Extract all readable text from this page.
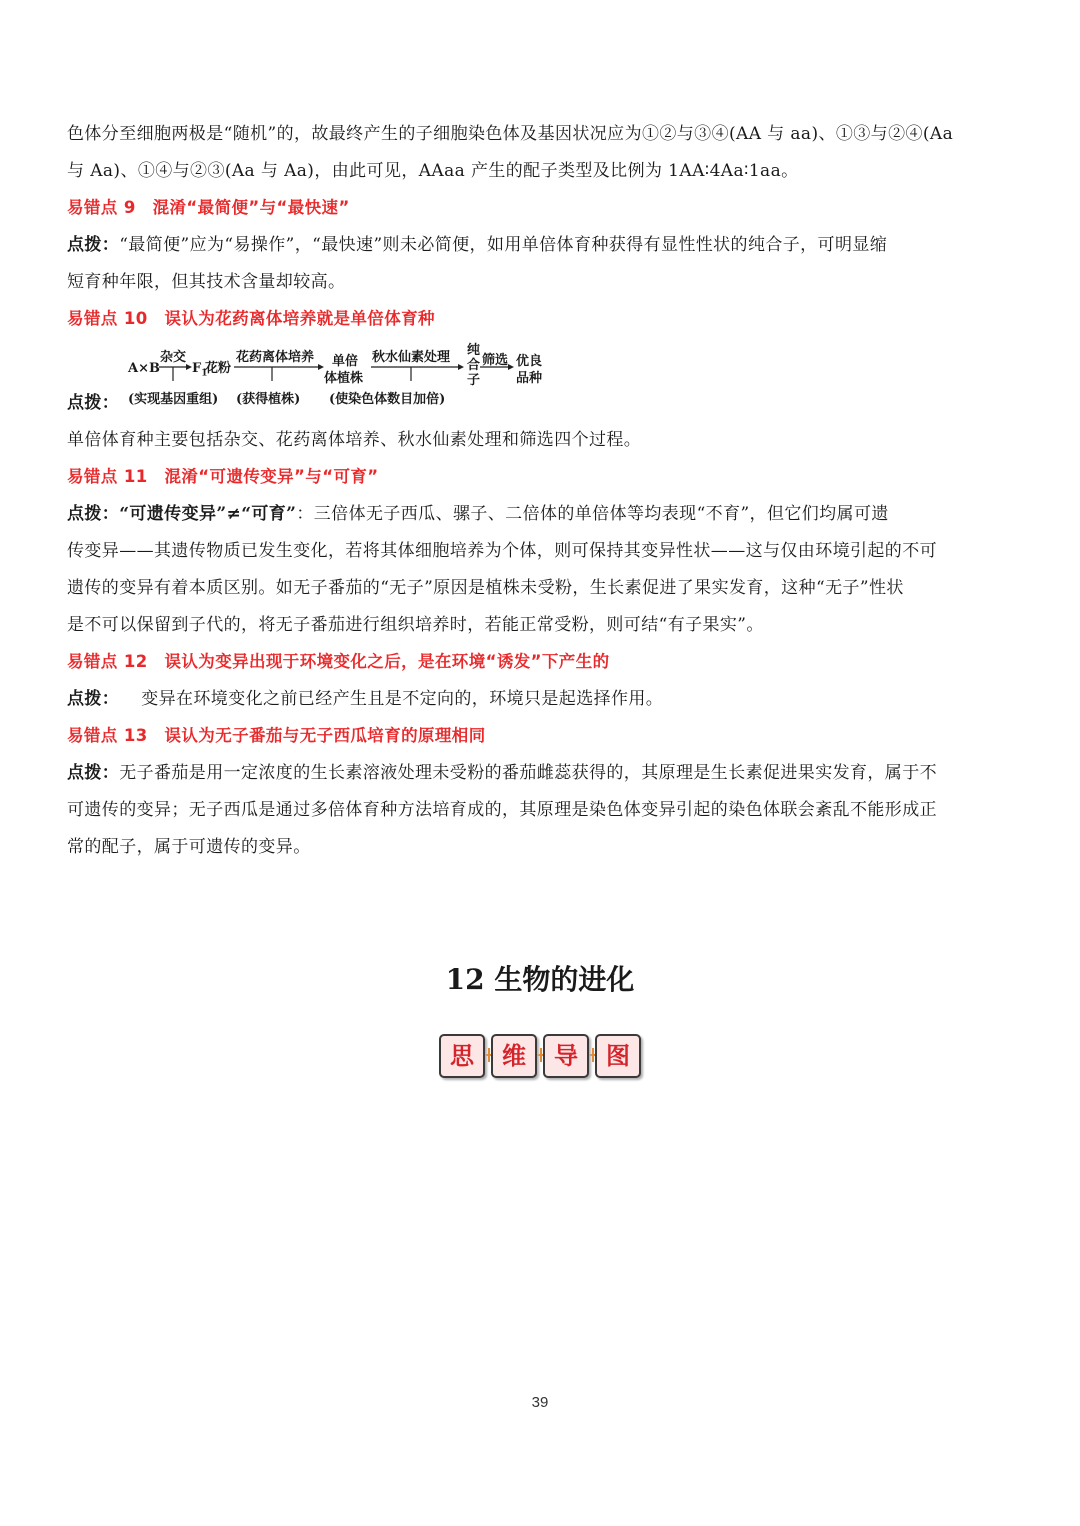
色体分至细胞两极是“随机”的，故最终产生的子细胞染色体及基因状况应为①②与③④(AA 与 aa)、①③与②④(Aa
与 Aa)、①④与②③(Aa 与 Aa)，由此可见，AAaa 产生的配子类型及比例为 1AA∶4Aa∶1aa。
易错点 9　混淆“最简便”与“最快速”
点拨：“最简便”应为“易操作”，“最快速”则未必简便，如用单倍体育种获得有显性性状的纯合子，可明显缩
短育种年限，但其技术含量却较高。
易错点 10　误认为花药离体培养就是单倍体育种
A×B
杂交
$F_1$
花粉
花药离体培养 单倍
体植株
秋水仙素处理 纯
合
子
筛选 优良
品种
(实现基因重组) (获得植株) (使染色体数目加倍)
点拨：
单倍体育种主要包括杂交、花药离体培养、秋水仙素处理和筛选四个过程。
易错点 11　混淆“可遗传变异”与“可育”
点拨：“可遗传变异”≠“可育”：三倍体无子西瓜、骡子、二倍体的单倍体等均表现“不育”，但它们均属可遗
传变异——其遗传物质已发生变化，若将其体细胞培养为个体，则可保持其变异性状——这与仅由环境引起的不可
遗传的变异有着本质区别。如无子番茄的“无子”原因是植株未受粉，生长素促进了果实发育，这种“无子”性状
是不可以保留到子代的，将无子番茄进行组织培养时，若能正常受粉，则可结“有子果实”。
易错点 12　误认为变异出现于环境变化之后，是在环境“诱发”下产生的
点拨： 变异在环境变化之前已经产生且是不定向的，环境只是起选择作用。
易错点 13　误认为无子番茄与无子西瓜培育的原理相同
点拨：无子番茄是用一定浓度的生长素溶液处理未受粉的番茄雌蕊获得的，其原理是生长素促进果实发育，属于不
可遗传的变异；无子西瓜是通过多倍体育种方法培育成的，其原理是染色体变异引起的染色体联会紊乱不能形成正
常的配子，属于可遗传的变异。
12 生物的进化
思	维	导	图
39
